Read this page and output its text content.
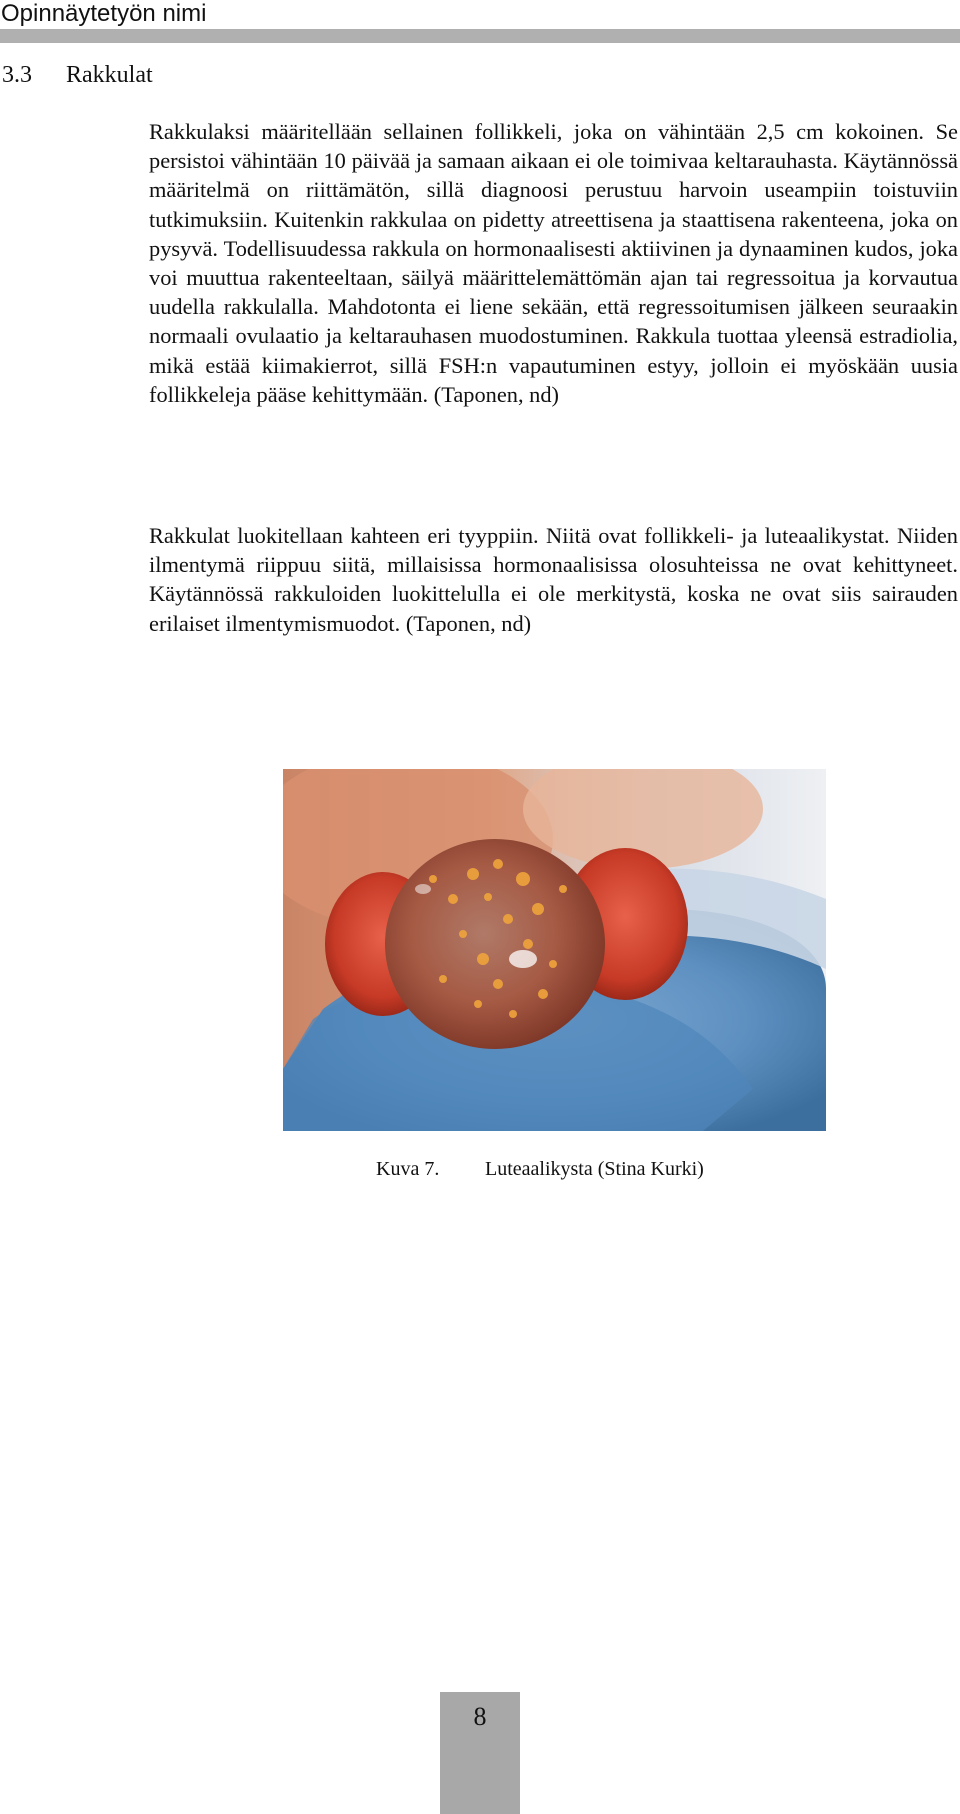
Opinnäytetyön nimi
3.3 Rakkulat

Rakkulaksi määritellään sellainen follikkeli, joka on vähintään 2,5 cm kokoinen. Se persistoi vähintään 10 päivää ja samaan aikaan ei ole toimivaa keltarauhasta. Käytännössä määritelmä on riittämätön, sillä diagnoosi perustuu harvoin useampiin toistuviin tutkimuksiin. Kuitenkin rakkulaa on pidetty atreettisena ja staattisena rakenteena, joka on pysyvä. Todellisuudessa rakkula on hormonaalisesti aktiivinen ja dynaaminen kudos, joka voi muuttua rakenteeltaan, säilyä määrittelemättömän ajan tai regressoitua ja korvautua uudella rakkulalla. Mahdotonta ei liene sekään, että regressoitumisen jälkeen seuraakin normaali ovulaatio ja keltarauhasen muodostuminen. Rakkula tuottaa yleensä estradiolia, mikä estää kiimakierrot, sillä FSH:n vapautuminen estyy, jolloin ei myöskään uusia follikkeleja pääse kehittymään. (Taponen, nd)

Rakkulat luokitellaan kahteen eri tyyppiin. Niitä ovat follikkeli- ja luteaalikystat. Niiden ilmentymä riippuu siitä, millaisissa hormonaalisissa olosuhteissa ne ovat kehittyneet. Käytännössä rakkuloiden luokittelulla ei ole merkitystä, koska ne ovat siis sairauden erilaiset ilmentymismuodot. (Taponen, nd)

Kuva 7. Luteaalikysta (Stina Kurki)
8
